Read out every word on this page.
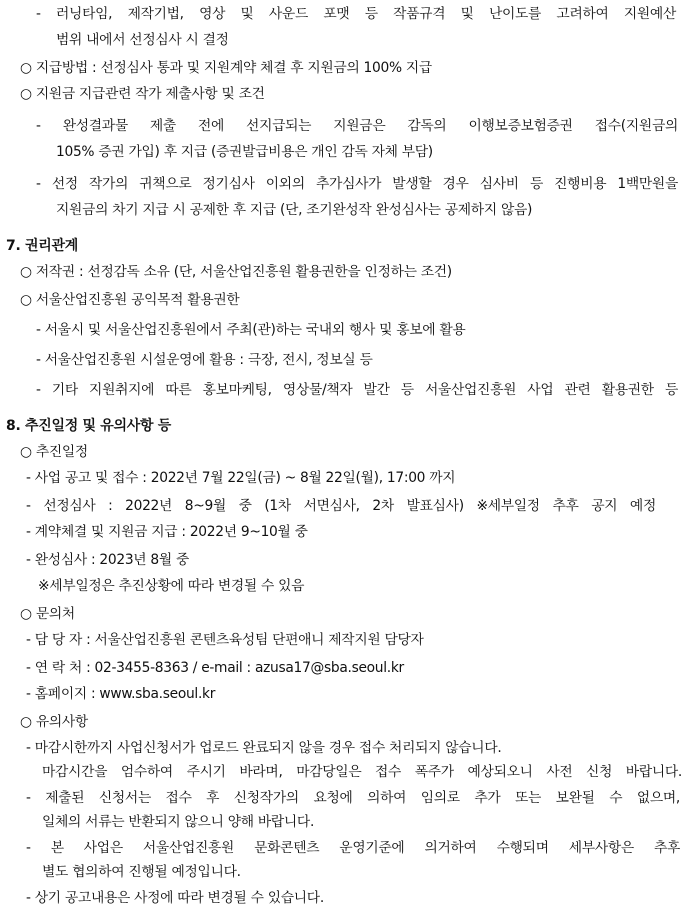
- 러닝타임, 제작기법, 영상 및 사운드 포맷 등 작품규격 및 난이도를 고려하여 지원예산
범위 내에서 선정심사 시 결정
○ 지급방법 : 선정심사 통과 및 지원계약 체결 후 지원금의 100% 지급
○ 지원금 지급관련 작가 제출사항 및 조건
- 완성결과물 제출 전에 선지급되는 지원금은 감독의 이행보증보험증권 접수(지원금의
105% 증권 가입) 후 지급 (증권발급비용은 개인 감독 자체 부담)
- 선정 작가의 귀책으로 정기심사 이외의 추가심사가 발생할 경우 심사비 등 진행비용 1백만원을
지원금의 차기 지급 시 공제한 후 지급 (단, 조기완성작 완성심사는 공제하지 않음)
7. 권리관계
○ 저작권 : 선정감독 소유 (단, 서울산업진흥원 활용권한을 인정하는 조건)
○ 서울산업진흥원 공익목적 활용권한
- 서울시 및 서울산업진흥원에서 주최(관)하는 국내외 행사 및 홍보에 활용
- 서울산업진흥원 시설운영에 활용 : 극장, 전시, 정보실 등
- 기타 지원취지에 따른 홍보마케팅, 영상물/책자 발간 등 서울산업진흥원 사업 관련 활용권한 등
8. 추진일정 및 유의사항 등
○ 추진일정
- 사업 공고 및 접수 : 2022년 7월 22일(금) ~ 8월 22일(월), 17:00 까지
- 선정심사 : 2022년 8~9월 중 (1차 서면심사, 2차 발표심사) ※세부일정 추후 공지 예정
- 계약체결 및 지원금 지급 : 2022년 9~10월 중
- 완성심사 : 2023년 8월 중
※세부일정은 추진상황에 따라 변경될 수 있음
○ 문의처
- 담 당 자 : 서울산업진흥원 콘텐츠육성팀 단편애니 제작지원 담당자
- 연 락 처 : 02-3455-8363 / e-mail : azusa17@sba.seoul.kr
- 홈페이지 : www.sba.seoul.kr
○ 유의사항
- 마감시한까지 사업신청서가 업로드 완료되지 않을 경우 접수 처리되지 않습니다.
마감시간을 엄수하여 주시기 바라며, 마감당일은 접수 폭주가 예상되오니 사전 신청 바랍니다.
- 제출된 신청서는 접수 후 신청작가의 요청에 의하여 임의로 추가 또는 보완될 수 없으며,
일체의 서류는 반환되지 않으니 양해 바랍니다.
- 본 사업은 서울산업진흥원 문화콘텐츠 운영기준에 의거하여 수행되며 세부사항은 추후
별도 협의하여 진행될 예정입니다.
- 상기 공고내용은 사정에 따라 변경될 수 있습니다.
